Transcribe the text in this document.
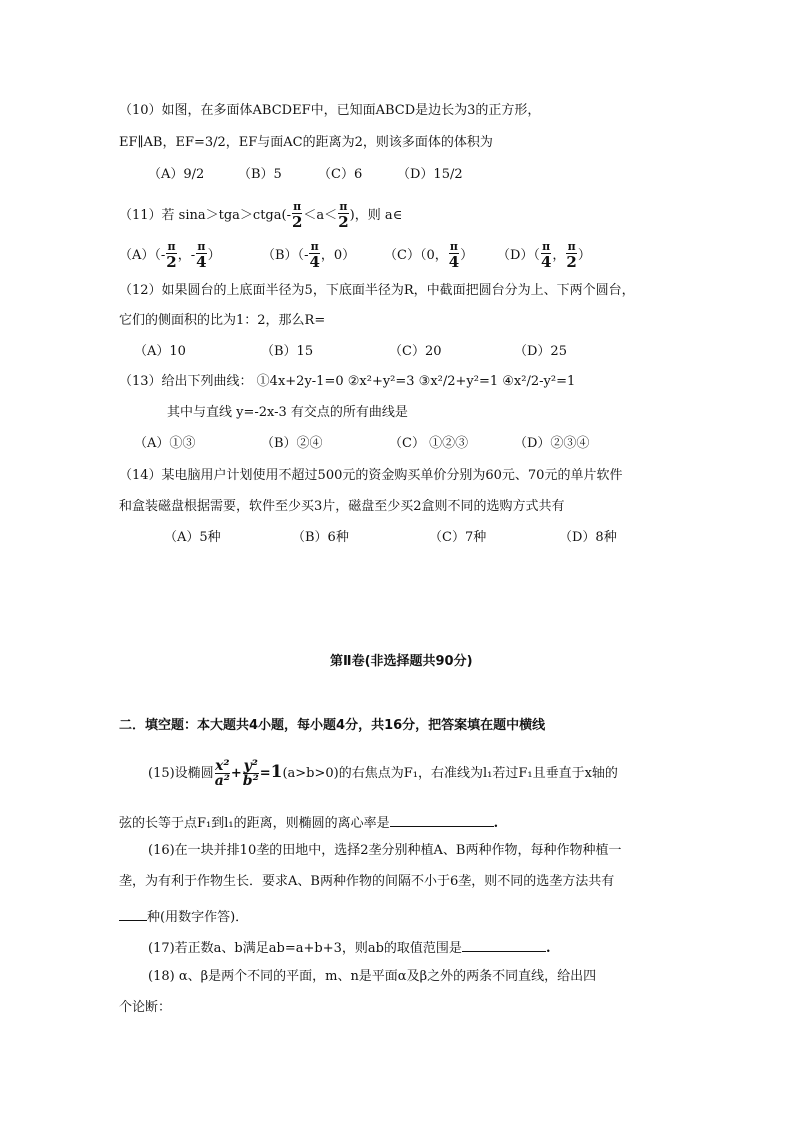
（10）如图，在多面体ABCDEF中，已知面ABCD是边长为3的正方形，
EF∥AB，EF=3/2，EF与面AC的距离为2，则该多面体的体积为
（A）9/2	（B）5	（C）6	（D）15/2
（11）若 sina＞tga＞ctga(- $\frac{\pi}{2} <a< \frac{\pi}{2}$ )，则 a∈
$(A)(- \frac{\pi}{2}$ ，- $\frac{\pi}{4}$ ）	$(B)(- \frac{\pi}{4}$ ，0） （C）（0， $\frac{\pi}{4}$ ） $(D)( \frac{\pi}{4}$ ， $\frac{\pi}{2}$ ）
（12）如果圆台的上底面半径为5，下底面半径为R，中截面把圆台分为上、下两个圆台，
它们的侧面积的比为1：2，那么R=
（A）10	（B）15	（C）20	（D）25
（13）给出下列曲线： ①4x+2y-1=0 ②x²+y²=3 ③x²/2+y²=1 ④x²/2-y²=1
其中与直线 y=-2x-3 有交点的所有曲线是
（A）①③	（B）②④	（C） ①②③	（D）②③④
（14）某电脑用户计划使用不超过500元的资金购买单价分别为60元、70元的单片软件
和盒装磁盘根据需要，软件至少买3片，磁盘至少买2盒则不同的选购方式共有
（A）5种	（B）6种	（C）7种	（D）8种
第Ⅱ卷(非选择题共90分)
二．填空题：本大题共4小题，每小题4分，共16分，把答案填在题中横线
(15)设椭圆 $\frac{\text{x²}}{\text{a²}} + \frac{\text{y²}}{\text{b²}} =1(a>b>0)$的右焦点为F₁，右准线为l₁若过F₁且垂直于x轴的
弦的长等于点F₁到l₁的距离，则椭圆的离心率是	.
(16)在一块并排10垄的田地中，选择2垄分别种植A、B两种作物，每种作物种植一
垄，为有利于作物生长．要求A、B两种作物的间隔不小于6垄，则不同的选垄方法共有
种(用数字作答)．
(17)若正数a、b满足ab=a+b+3，则ab的取值范围是	.
(18) α、β是两个不同的平面，m、n是平面α及β之外的两条不同直线，给出四
个论断：
